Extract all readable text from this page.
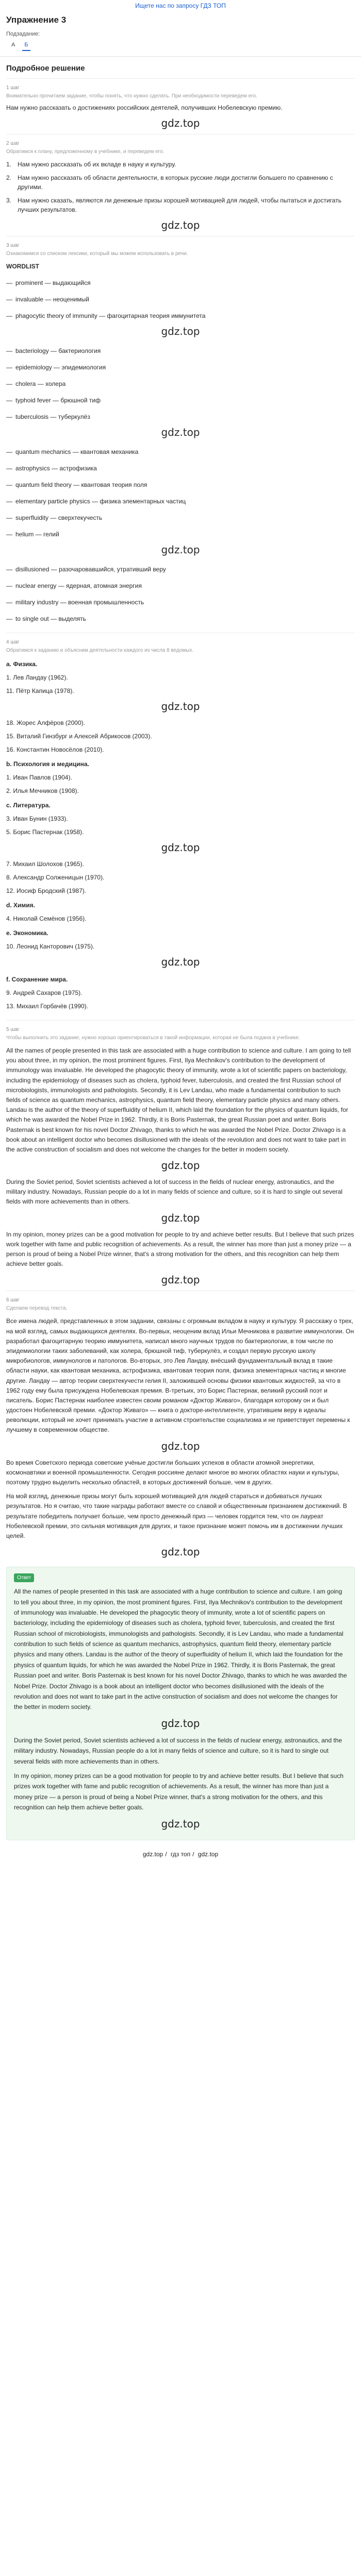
Ищете нас по запросу ГДЗ ТОП
Упражнение 3
Подзадание:
A	Б
Подробное решение
1 шаг
Внимательно прочитаем задание, чтобы понять, что нужно сделать. При необходимости переведем его.
Нам нужно рассказать о достижениях российских деятелей, получивших Нобелевскую премию.
gdz.top
2 шаг
Обратимся к плану, предложенному в учебнике, и переведем его.
1. Нам нужно рассказать об их вкладе в науку и культуру.
2. Нам нужно рассказать об области деятельности, в которых русские люди достигли большего по сравнению с другими.
3. Нам нужно сказать, являются ли денежные призы хорошей мотивацией для людей, чтобы пытаться и достигать лучших результатов.
gdz.top
3 шаг
Ознакомимся со списком лексики, который мы можем использовать в речи.
WORDLIST
— prominent — выдающийся
— invaluable — неоценимый
— phagocytic theory of immunity — фагоцитарная теория иммунитета
gdz.top
— bacteriology — бактериология
— epidemiology — эпидемиология
— cholera — холера
— typhoid fever — брюшной тиф
— tuberculosis — туберкулёз
gdz.top
— quantum mechanics — квантовая механика
— astrophysics — астрофизика
— quantum field theory — квантовая теория поля
— elementary particle physics — физика элементарных частиц
— superfluidity — сверхтекучесть
— helium — гелий
gdz.top
— disillusioned — разочаровавшийся, утративший веру
— nuclear energy — ядерная, атомная энергия
— military industry — военная промышленность
— to single out — выделять
4 шаг
Обратимся к заданию и объясним деятельности каждого из числа 8 ведомых.
a. Физика.
1. Лев Ландау (1962).
11. Пётр Капица (1978).
gdz.top
18. Жорес Алфёров (2000).
15. Виталий Гинзбург и Алексей Абрикосов (2003).
16. Константин Новосёлов (2010).
b. Психология и медицина.
1. Иван Павлов (1904).
2. Илья Мечников (1908).
c. Литература.
3. Иван Бунин (1933).
5. Борис Пастернак (1958).
gdz.top
7. Михаил Шолохов (1965).
8. Александр Солженицын (1970).
12. Иосиф Бродский (1987).
d. Химия.
4. Николай Семёнов (1956).
e. Экономика.
10. Леонид Канторович (1975).
gdz.top
f. Сохранение мира.
9. Андрей Сахаров (1975).
13. Михаил Горбачёв (1990).
5 шаг
Чтобы выполнить это задание, нужно хорошо ориентироваться в такой информации, которая не была подана в учебнике.

All the names of people presented in this task are associated with a huge contribution to science and culture. I am going to tell you about three, in my opinion, the most prominent figures. First, Ilya Mechnikov's contribution to the development of immunology was invaluable. He developed the phagocytic theory of immunity, wrote a lot of scientific papers on bacteriology, including the epidemiology of diseases such as cholera, typhoid fever, tuberculosis, and created the first Russian school of microbiologists, immunologists and pathologists. Secondly, it is Lev Landau, who made a fundamental contribution to such fields of science as quantum mechanics, astrophysics, quantum field theory, elementary particle physics and many others. Landau is the author of the theory of superfluidity of helium II, which laid the foundation for the physics of quantum liquids, for which he was awarded the Nobel Prize in 1962. Thirdly, it is Boris Pasternak, the great Russian poet and writer. Boris Pasternak is best known for his novel Doctor Zhivago, thanks to which he was awarded the Nobel Prize. Doctor Zhivago is a book about an intelligent doctor who becomes disillusioned with the ideals of the revolution and does not want to take part in the active construction of socialism and does not welcome the changes for the better in modern society.

gdz.top

During the Soviet period, Soviet scientists achieved a lot of success in the fields of nuclear energy, astronautics, and the military industry. Nowadays, Russian people do a lot in many fields of science and culture, so it is hard to single out several fields with more achievements than in others.

gdz.top

In my opinion, money prizes can be a good motivation for people to try and achieve better results. But I believe that such prizes work together with fame and public recognition of achievements. As a result, the winner has more than just a money prize — a person is proud of being a Nobel Prize winner, that's a strong motivation for the others, and this recognition can help them achieve better goals.

gdz.top
6 шаг
Сделаем перевод текста.

Все имена людей, представленных в этом задании, связаны с огромным вкладом в науку и культуру. Я расскажу о трех, на мой взгляд, самых выдающихся деятелях. Во-первых, неоценим вклад Ильи Мечникова в развитие иммунологии. Он разработал фагоцитарную теорию иммунитета, написал много научных трудов по бактериологии, в том числе по эпидемиологии таких заболеваний, как холера, брюшной тиф, туберкулёз, и создал первую русскую школу микробиологов, иммунологов и патологов. Во-вторых, это Лев Ландау, внёсший фундаментальный вклад в такие области науки, как квантовая механика, астрофизика, квантовая теория поля, физика элементарных частиц и многие другие. Ландау — автор теории сверхтекучести гелия II, заложившей основы физики квантовых жидкостей, за что в 1962 году ему была присуждена Нобелевская премия. В-третьих, это Борис Пастернак, великий русский поэт и писатель. Борис Пастернак наиболее известен своим романом «Доктор Живаго», благодаря которому он и был удостоен Нобелевской премии. «Доктор Живаго» — книга о докторе-интеллигенте, утратившем веру в идеалы революции, который не хочет принимать участие в активном строительстве социализма и не приветствует перемены к лучшему в современном обществе.

gdz.top

Во время Советского периода советские учёные достигли больших успехов в области атомной энергетики, космонавтики и военной промышленности. Сегодня россияне делают многое во многих областях науки и культуры, поэтому трудно выделить несколько областей, в которых достижений больше, чем в других.

На мой взгляд, денежные призы могут быть хорошей мотивацией для людей стараться и добиваться лучших результатов. Но я считаю, что такие награды работают вместе со славой и общественным признанием достижений. В результате победитель получает больше, чем просто денежный приз — человек гордится тем, что он лауреат Нобелевской премии, это сильная мотивация для других, и такое признание может помочь им в достижении лучших целей.

gdz.top
Ответ

All the names of people presented in this task are associated with a huge contribution to science and culture. I am going to tell you about three, in my opinion, the most prominent figures. First, Ilya Mechnikov's contribution to the development of immunology was invaluable. He developed the phagocytic theory of immunity, wrote a lot of scientific papers on bacteriology, including the epidemiology of diseases such as cholera, typhoid fever, tuberculosis, and created the first Russian school of microbiologists, immunologists and pathologists. Secondly, it is Lev Landau, who made a fundamental contribution to such fields of science as quantum mechanics, astrophysics, quantum field theory, elementary particle physics and many others. Landau is the author of the theory of superfluidity of helium II, which laid the foundation for the physics of quantum liquids, for which he was awarded the Nobel Prize in 1962. Thirdly, it is Boris Pasternak, the great Russian poet and writer. Boris Pasternak is best known for his novel Doctor Zhivago, thanks to which he was awarded the Nobel Prize. Doctor Zhivago is a book about an intelligent doctor who becomes disillusioned with the ideals of the revolution and does not want to take part in the active construction of socialism and does not welcome the changes for the better in modern society.

gdz.top

During the Soviet period, Soviet scientists achieved a lot of success in the fields of nuclear energy, astronautics, and the military industry. Nowadays, Russian people do a lot in many fields of science and culture, so it is hard to single out several fields with more achievements than in others.

In my opinion, money prizes can be a good motivation for people to try and achieve better results. But I believe that such prizes work together with fame and public recognition of achievements. As a result, the winner has more than just a money prize — a person is proud of being a Nobel Prize winner, that's a strong motivation for the others, and this recognition can help them achieve better goals.

gdz.top
gdz.top / гдз топ / gdz.top
